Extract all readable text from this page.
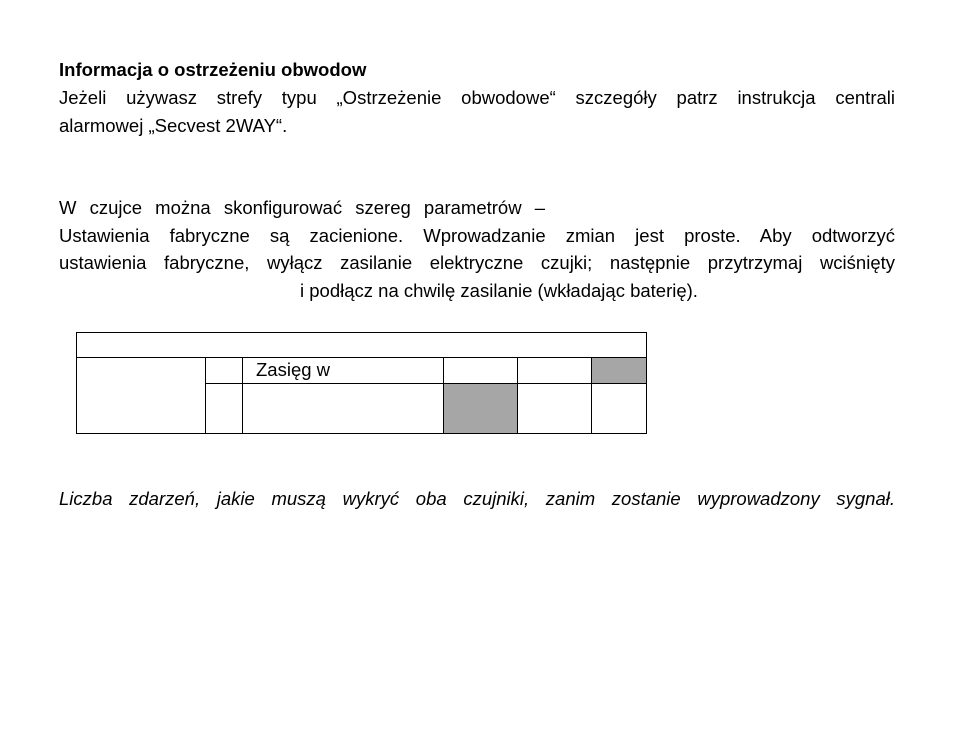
Informacja o ostrzeżeniu obwodow
Jeżeli używasz strefy typu „Ostrzeżenie obwodowe“ szczegóły patrz instrukcja centrali
alarmowej „Secvest 2WAY“.
W czujce można skonfigurować szereg parametrów –
Ustawienia fabryczne są zacienione. Wprowadzanie zmian jest proste. Aby odtworzyć
ustawienia fabryczne, wyłącz zasilanie elektryczne czujki; następnie przytrzymaj wciśnięty
i podłącz na chwilę zasilanie (wkładając baterię).

		Zasięg w			

Liczba zdarzeń, jakie muszą wykryć oba czujniki, zanim zostanie wyprowadzony sygnał.
